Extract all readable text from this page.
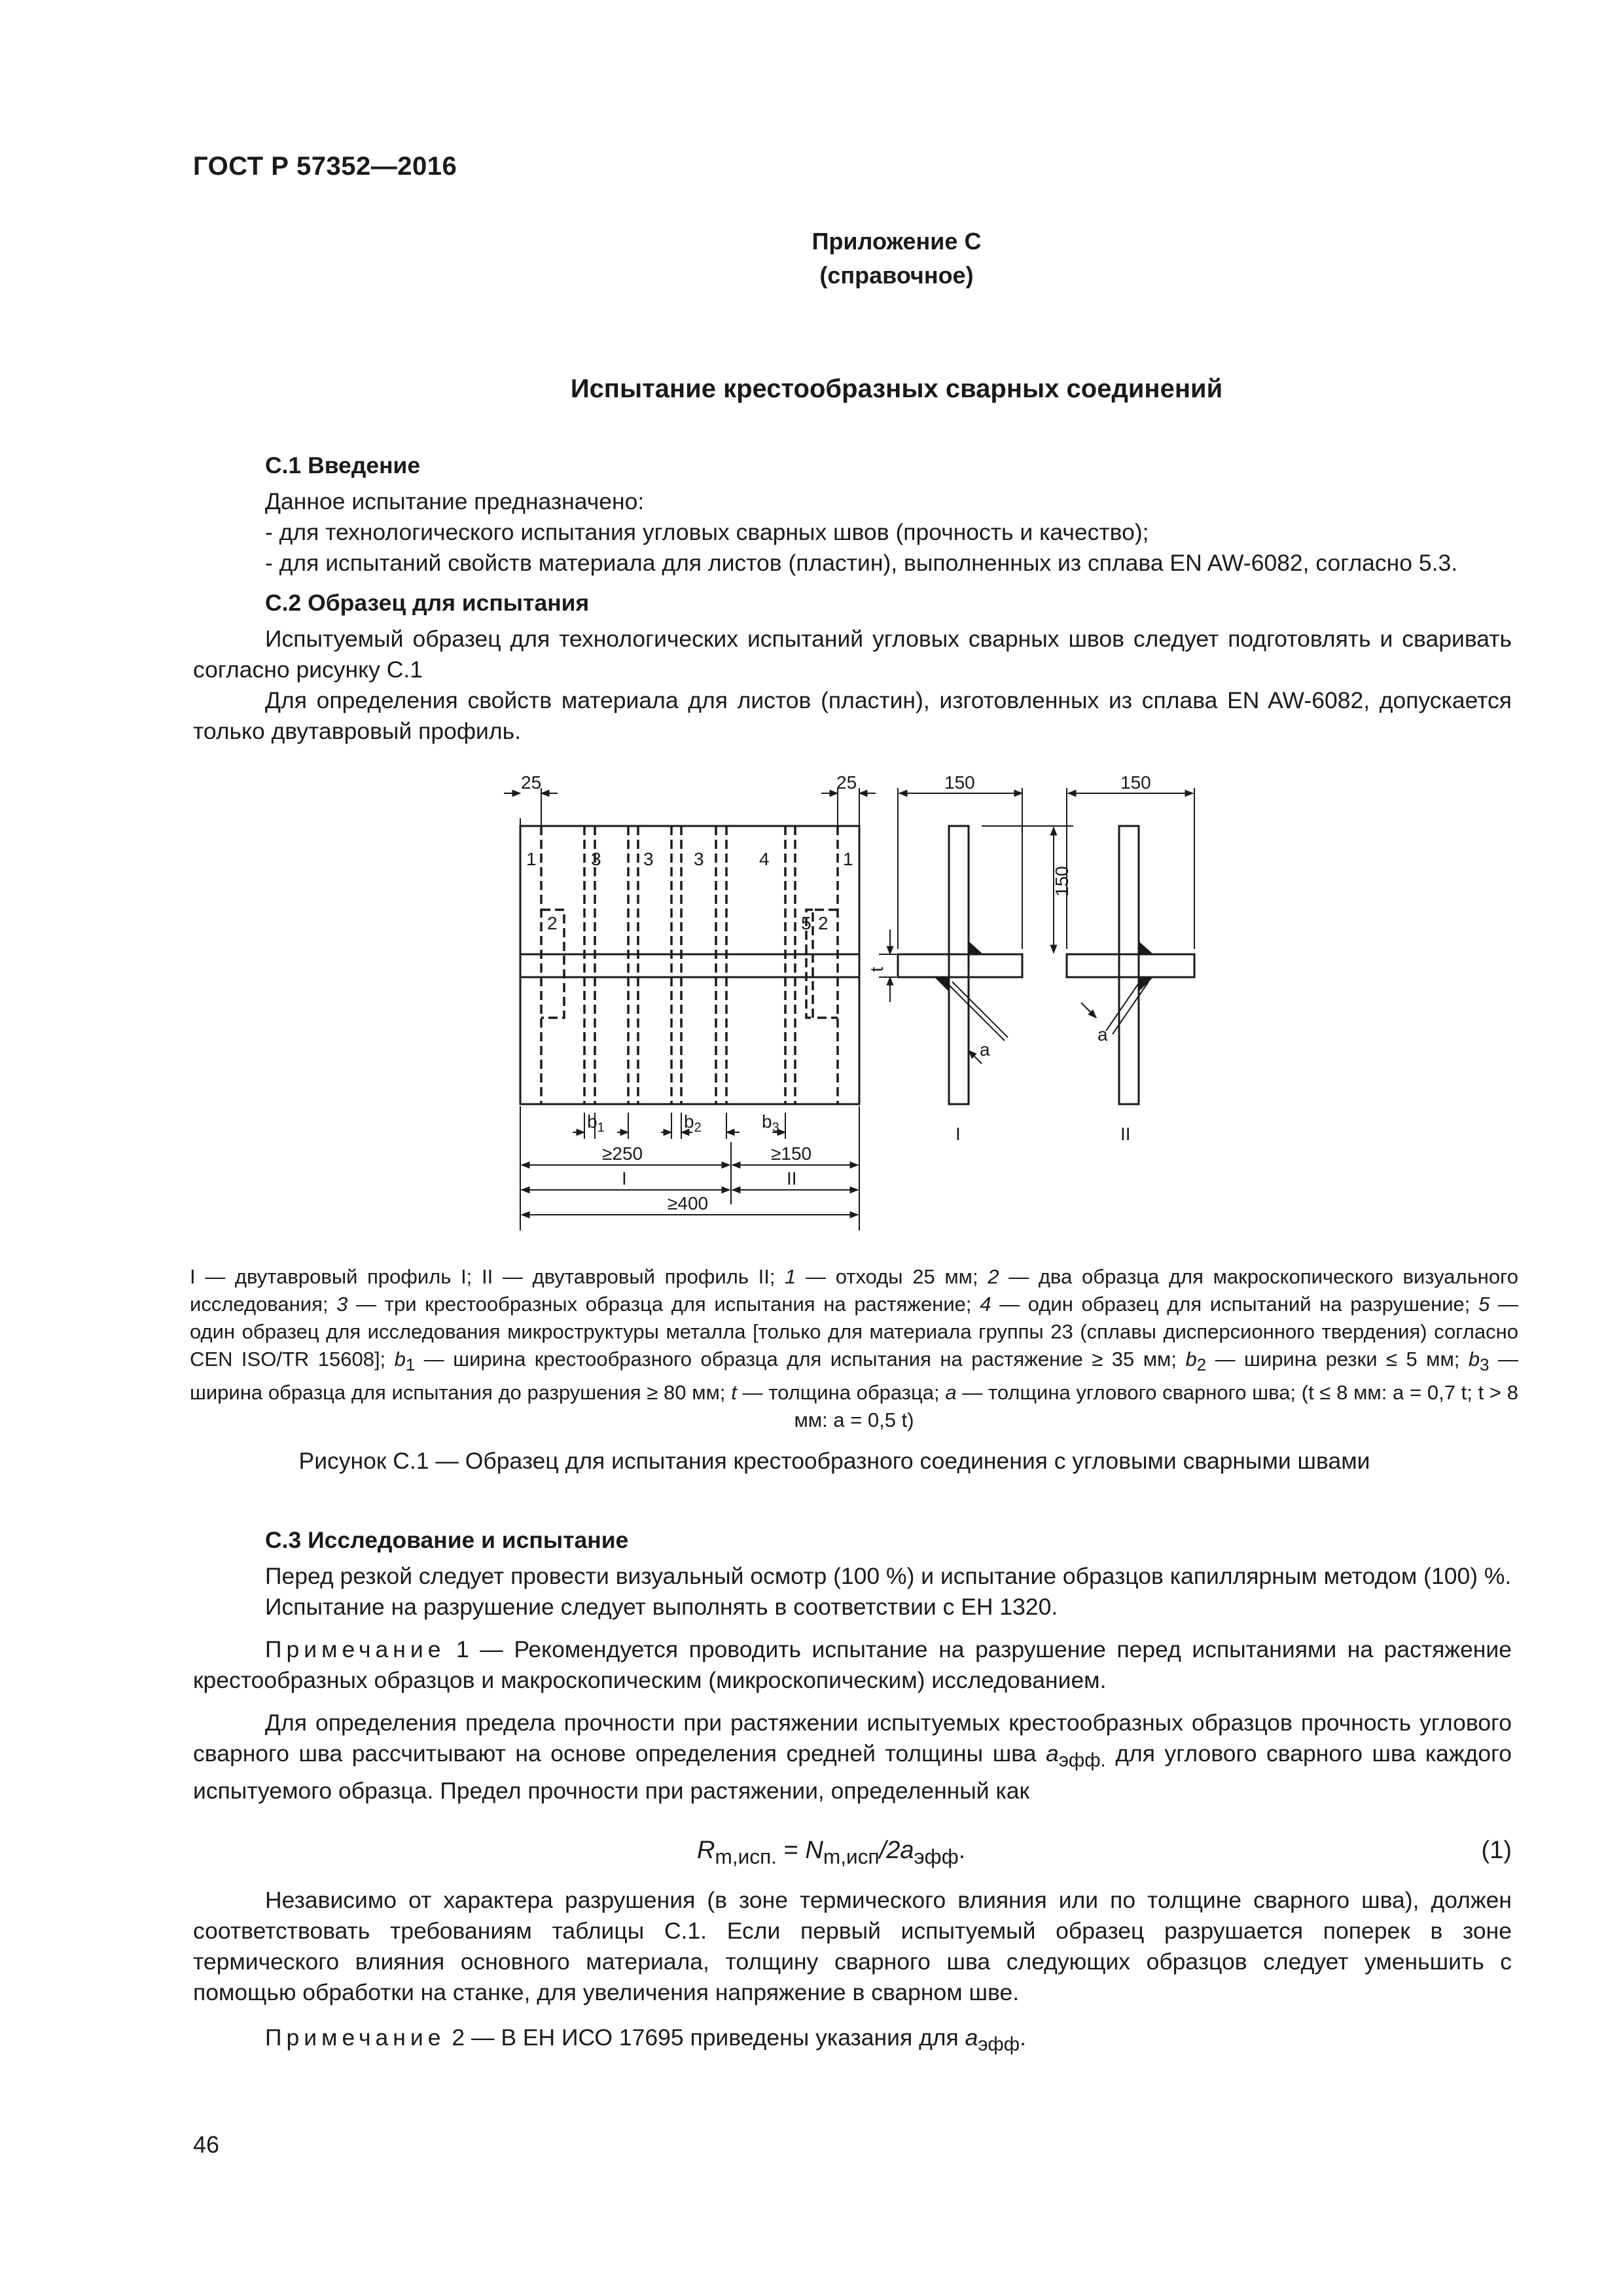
ГОСТ Р 57352—2016
Приложение С
(справочное)
Испытание крестообразных сварных соединений

С.1 Введение

Данное испытание предназначено:

- для технологического испытания угловых сварных швов (прочность и качество);

- для испытаний свойств материала для листов (пластин), выполненных из сплава EN AW-6082, согласно 5.3.

С.2 Образец для испытания

Испытуемый образец для технологических испытаний угловых сварных швов следует подготовлять и сваривать согласно рисунку С.1

Для определения свойств материала для листов (пластин), изготовленных из сплава EN AW-6082, допускается только двутавровый профиль.

25	25	150	150
150
t
a
a
I	II
1	3 3 3	4	1
2	5 2
$b_1$	$b_2$	$b_3$
≥250	≥150
I	II
≥400
I — двутавровый профиль I; II — двутавровый профиль II; 1 — отходы 25 мм; 2 — два образца для макроскопического визуального исследования; 3 — три крестообразных образца для испытания на растяжение; 4 — один образец для испытаний на разрушение; 5 — один образец для исследования микроструктуры металла [только для материала группы 23 (сплавы дисперсионного твердения) согласно CEN ISO/TR 15608]; $b_1$ — ширина крестообразного образца для испытания на растяжение ≥ 35 мм; $b_2$ — ширина резки ≤ 5 мм; $b_3$ — ширина образца для испытания до разрушения ≥ 80 мм; t — толщина образца; a — толщина углового сварного шва; (t ≤ 8 мм: a = 0,7 t; t > 8 мм: a = 0,5 t)
Рисунок С.1 — Образец для испытания крестообразного соединения с угловыми сварными швами

С.3 Исследование и испытание

Перед резкой следует провести визуальный осмотр (100 %) и испытание образцов капиллярным методом (100) %.

Испытание на разрушение следует выполнять в соответствии с ЕН 1320.

Примечание 1 — Рекомендуется проводить испытание на разрушение перед испытаниями на растяжение крестообразных образцов и макроскопическим (микроскопическим) исследованием.

Для определения предела прочности при растяжении испытуемых крестообразных образцов прочность углового сварного шва рассчитывают на основе определения средней толщины шва $a_{эфф.}$ для углового сварного шва каждого испытуемого образца. Предел прочности при растяжении, определенный как

$R_{m,исп.} = N_{m,исп}/2a_{эфф}$.	(1)

Независимо от характера разрушения (в зоне термического влияния или по толщине сварного шва), должен соответствовать требованиям таблицы С.1. Если первый испытуемый образец разрушается поперек в зоне термического влияния основного материала, толщину сварного шва следующих образцов следует уменьшить с помощью обработки на станке, для увеличения напряжение в сварном шве.

Примечание 2 — В ЕН ИСО 17695 приведены указания для $a_{эфф}$.

46
